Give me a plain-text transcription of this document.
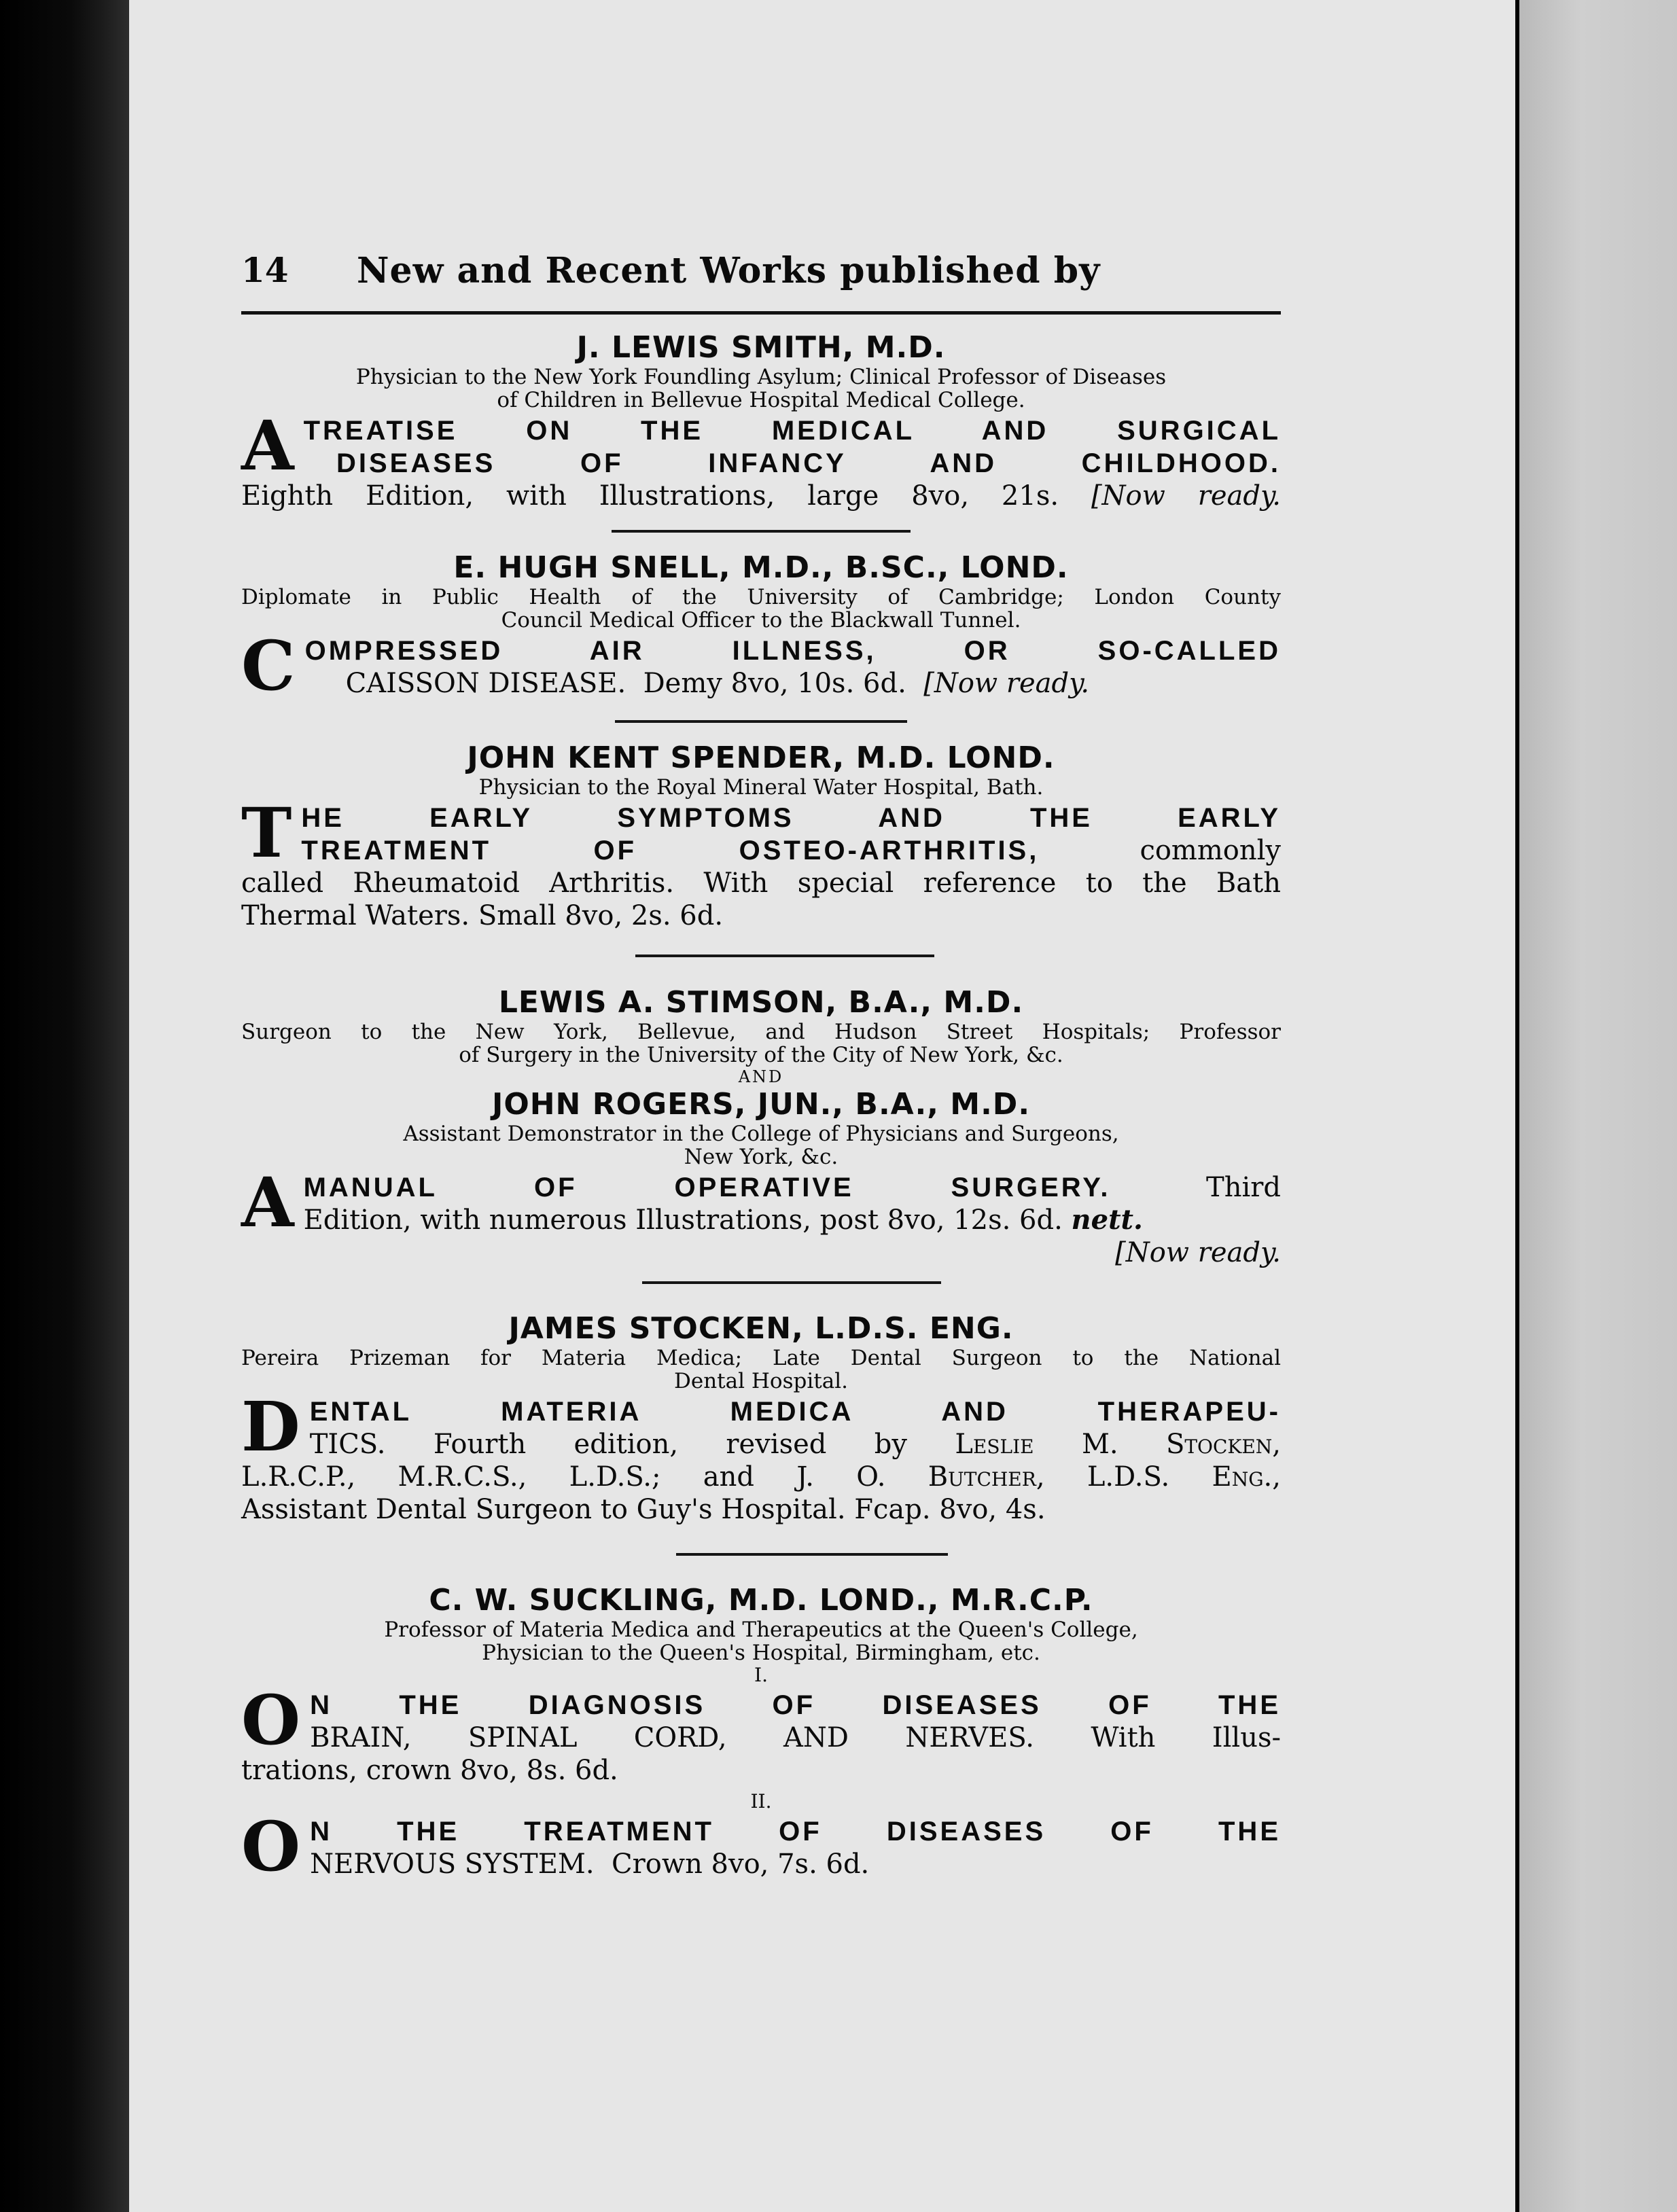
14 New and Recent Works published by
J. LEWIS SMITH, M.D.
Physician to the New York Foundling Asylum; Clinical Professor of Diseases
of Children in Bellevue Hospital Medical College.
A TREATISE ON THE MEDICAL AND SURGICAL
DISEASES OF INFANCY AND CHILDHOOD.
Eighth Edition, with Illustrations, large 8vo, 21s. [Now ready.
E. HUGH SNELL, M.D., B.SC., LOND.
Diplomate in Public Health of the University of Cambridge; London County
Council Medical Officer to the Blackwall Tunnel.
C OMPRESSED AIR ILLNESS, OR SO-CALLED
CAISSON DISEASE. Demy 8vo, 10s. 6d. [Now ready.
JOHN KENT SPENDER, M.D. LOND.
Physician to the Royal Mineral Water Hospital, Bath.
T HE EARLY SYMPTOMS AND THE EARLY
TREATMENT OF OSTEO-ARTHRITIS,	commonly
called Rheumatoid Arthritis. With special reference to the Bath
Thermal Waters. Small 8vo, 2s. 6d.
LEWIS A. STIMSON, B.A., M.D.
Surgeon to the New York, Bellevue, and Hudson Street Hospitals; Professor
of Surgery in the University of the City of New York, &c.
AND
JOHN ROGERS, JUN., B.A., M.D.
Assistant Demonstrator in the College of Physicians and Surgeons,
New York, &c.
A MANUAL OF OPERATIVE SURGERY.	Third
Edition, with numerous Illustrations, post 8vo, 12s. 6d. nett.
[Now ready.
JAMES STOCKEN, L.D.S. ENG.
Pereira Prizeman for Materia Medica; Late Dental Surgeon to the National
Dental Hospital.
D ENTAL MATERIA MEDICA AND THERAPEU-
TICS. Fourth edition, revised by Leslie M. Stocken,
L.R.C.P., M.R.C.S., L.D.S.; and J. O. Butcher, L.D.S. Eng.,
Assistant Dental Surgeon to Guy's Hospital. Fcap. 8vo, 4s.
C. W. SUCKLING, M.D. LOND., M.R.C.P.
Professor of Materia Medica and Therapeutics at the Queen's College,
Physician to the Queen's Hospital, Birmingham, etc.
I.
O N THE DIAGNOSIS OF DISEASES OF THE
BRAIN, SPINAL CORD, AND NERVES. With Illus-
trations, crown 8vo, 8s. 6d.
II.
O N THE TREATMENT OF DISEASES OF THE
NERVOUS SYSTEM. Crown 8vo, 7s. 6d.
